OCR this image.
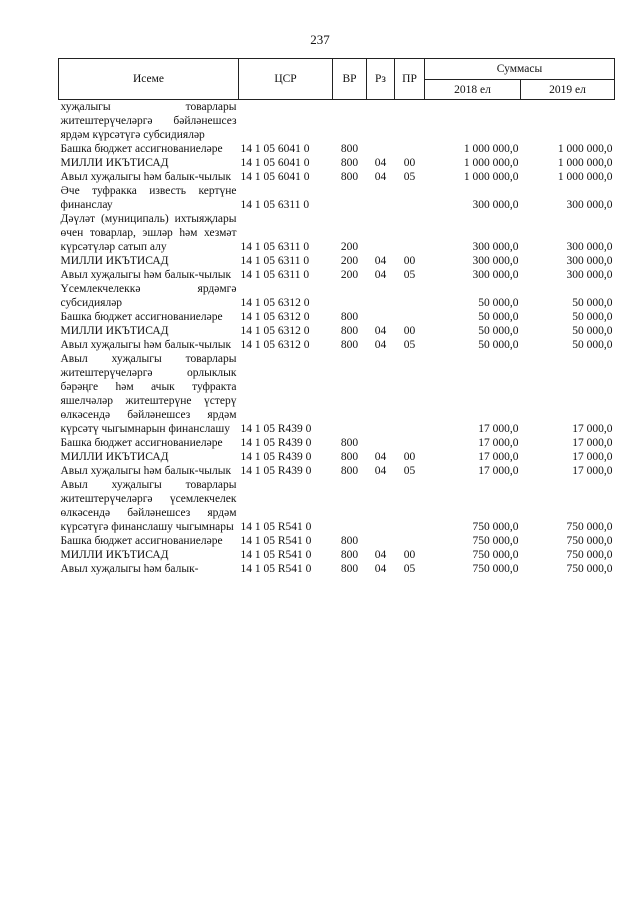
237
Исеме	ЦСР	ВР	Рз	ПР	Суммасы	
					2018 ел	2019 ел
хуҗалыгы товарлары житештерүчеләргә бәйләнешсез ярдәм күрсәтүгә субсидияләр						
Башка бюджет ассигнованиеләре	14 1 05 6041 0	800			1 000 000,0	1 000 000,0
МИЛЛИ ИКЪТИСАД	14 1 05 6041 0	800	04	00	1 000 000,0	1 000 000,0
Авыл хуҗалыгы һәм балык-чылык	14 1 05 6041 0	800	04	05	1 000 000,0	1 000 000,0
Әче туфракка известь кертүне финанслау	14 1 05 6311 0				300 000,0	300 000,0
Дәүләт (муниципаль) ихтыяҗлары өчен товарлар, эшләр һәм хезмәт күрсәтүләр сатып алу	14 1 05 6311 0	200			300 000,0	300 000,0
МИЛЛИ ИКЪТИСАД	14 1 05 6311 0	200	04	00	300 000,0	300 000,0
Авыл хуҗалыгы һәм балык-чылык	14 1 05 6311 0	200	04	05	300 000,0	300 000,0
Үсемлекчелеккә ярдәмгә субсидияләр	14 1 05 6312 0				50 000,0	50 000,0
Башка бюджет ассигнованиеләре	14 1 05 6312 0	800			50 000,0	50 000,0
МИЛЛИ ИКЪТИСАД	14 1 05 6312 0	800	04	00	50 000,0	50 000,0
Авыл хуҗалыгы һәм балык-чылык	14 1 05 6312 0	800	04	05	50 000,0	50 000,0
Авыл хуҗалыгы товарлары житештерүчеләргә орлыклык бәрәңге һәм ачык туфракта яшелчәләр житештерүне үстерү өлкәсендә бәйләнешсез ярдәм күрсәтү чыгымнарын финанслашу	14 1 05 R439 0				17 000,0	17 000,0
Башка бюджет ассигнованиеләре	14 1 05 R439 0	800			17 000,0	17 000,0
МИЛЛИ ИКЪТИСАД	14 1 05 R439 0	800	04	00	17 000,0	17 000,0
Авыл хуҗалыгы һәм балык-чылык	14 1 05 R439 0	800	04	05	17 000,0	17 000,0
Авыл хуҗалыгы товарлары житештерүчеләргә үсемлекчелек өлкәсендә бәйләнешсез ярдәм күрсәтүгә финанслашу чыгымнары	14 1 05 R541 0				750 000,0	750 000,0
Башка бюджет ассигнованиеләре	14 1 05 R541 0	800			750 000,0	750 000,0
МИЛЛИ ИКЪТИСАД	14 1 05 R541 0	800	04	00	750 000,0	750 000,0
Авыл хуҗалыгы һәм балык-	14 1 05 R541 0	800	04	05	750 000,0	750 000,0
